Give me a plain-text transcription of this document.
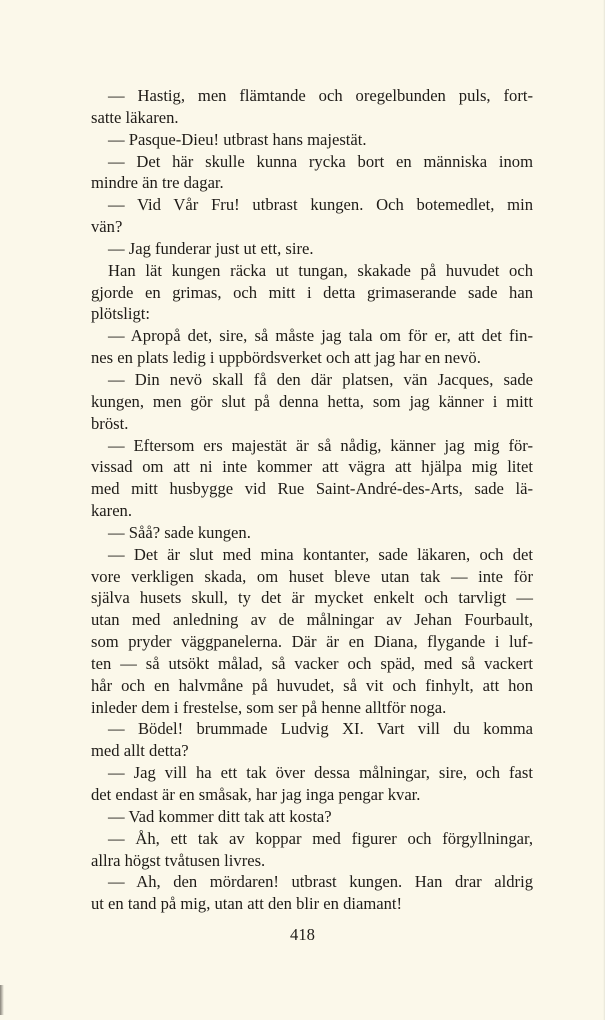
— Hastig, men flämtande och oregelbunden puls, fort-
satte läkaren.
— Pasque-Dieu! utbrast hans majestät.
— Det här skulle kunna rycka bort en människa inom
mindre än tre dagar.
— Vid Vår Fru! utbrast kungen. Och botemedlet, min
vän?
— Jag funderar just ut ett, sire.
Han lät kungen räcka ut tungan, skakade på huvudet och
gjorde en grimas, och mitt i detta grimaserande sade han
plötsligt:
— Apropå det, sire, så måste jag tala om för er, att det fin-
nes en plats ledig i uppbördsverket och att jag har en nevö.
— Din nevö skall få den där platsen, vän Jacques, sade
kungen, men gör slut på denna hetta, som jag känner i mitt
bröst.
— Eftersom ers majestät är så nådig, känner jag mig för-
vissad om att ni inte kommer att vägra att hjälpa mig litet
med mitt husbygge vid Rue Saint-André-des-Arts, sade lä-
karen.
— Såå? sade kungen.
— Det är slut med mina kontanter, sade läkaren, och det
vore verkligen skada, om huset bleve utan tak — inte för
själva husets skull, ty det är mycket enkelt och tarvligt —
utan med anledning av de målningar av Jehan Fourbault,
som pryder väggpanelerna. Där är en Diana, flygande i luf-
ten — så utsökt målad, så vacker och späd, med så vackert
hår och en halvmåne på huvudet, så vit och finhylt, att hon
inleder dem i frestelse, som ser på henne alltför noga.
— Bödel! brummade Ludvig XI. Vart vill du komma
med allt detta?
— Jag vill ha ett tak över dessa målningar, sire, och fast
det endast är en småsak, har jag inga pengar kvar.
— Vad kommer ditt tak att kosta?
— Åh, ett tak av koppar med figurer och förgyllningar,
allra högst tvåtusen livres.
— Ah, den mördaren! utbrast kungen. Han drar aldrig
ut en tand på mig, utan att den blir en diamant!
418
